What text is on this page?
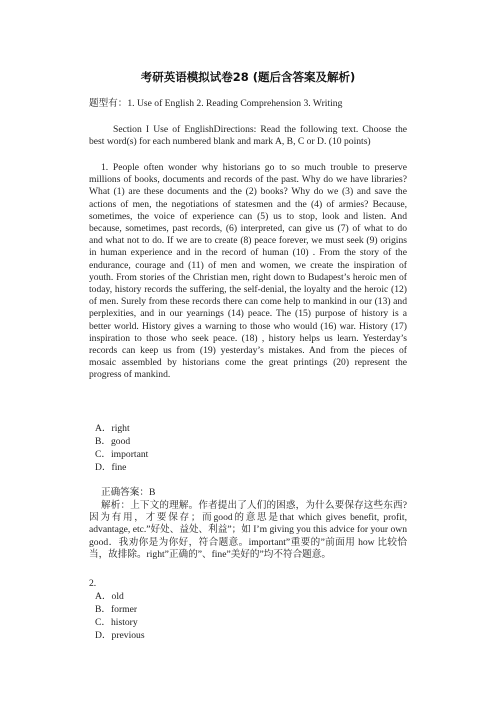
考研英语模拟试卷28 (题后含答案及解析)
题型有：1. Use of English 2. Reading Comprehension 3. Writing

Section I Use of EnglishDirections: Read the following text. Choose the best word(s) for each numbered blank and mark A, B, C or D. (10 points)

1. People often wonder why historians go to so much trouble to preserve millions of books, documents and records of the past. Why do we have libraries? What (1) are these documents and the (2) books? Why do we (3) and save the actions of men, the negotiations of statesmen and the (4) of armies? Because, sometimes, the voice of experience can (5) us to stop, look and listen. And because, sometimes, past records, (6) interpreted, can give us (7) of what to do and what not to do. If we are to create (8) peace forever, we must seek (9) origins in human experience and in the record of human (10) . From the story of the endurance, courage and (11) of men and women, we create the inspiration of youth. From stories of the Christian men, right down to Budapest’s heroic men of today, history records the suffering, the self-denial, the loyalty and the heroic (12) of men. Surely from these records there can come help to mankind in our (13) and perplexities, and in our yearnings (14) peace. The (15) purpose of history is a better world. History gives a warning to those who would (16) war. History (17) inspiration to those who seek peace. (18) , history helps us learn. Yesterday’s records can keep us from (19) yesterday’s mistakes. And from the pieces of mosaic assembled by historians come the great printings (20) represent the progress of mankind.

A．right
B．good
C．important
D．fine
正确答案：B

解析：上下文的理解。作者提出了人们的困惑，为什么要保存这些东西?因为有用，才要保存；而good的意思是that which gives benefit, profit, advantage, etc.”好处、益处、利益”；如 I’m giving you this advice for your own good．我劝你是为你好，符合题意。important”重要的”前面用 how 比较恰当，故排除。right”正确的”、fine”美好的”均不符合题意。

2.
A．old
B．former
C．history
D．previous
